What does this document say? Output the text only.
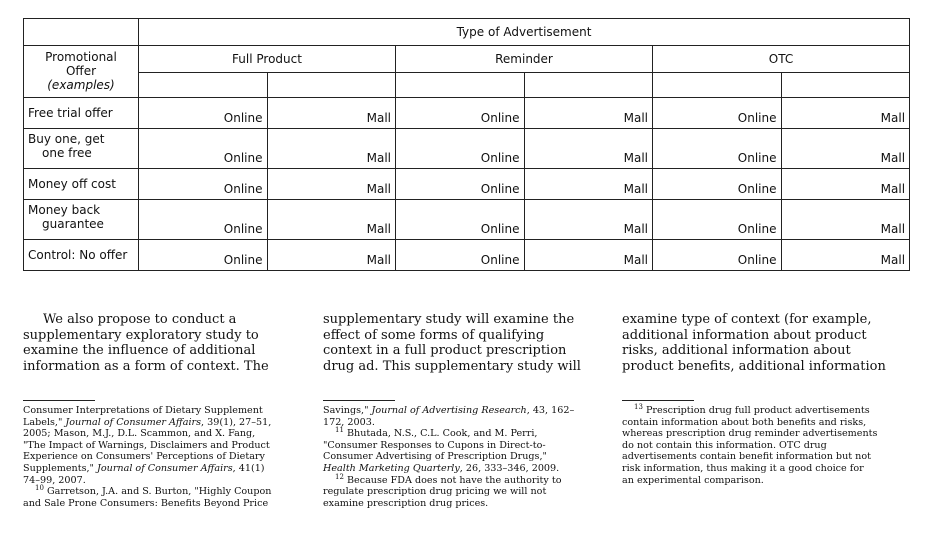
	Type of Advertisement					
Promotional
Offer
(examples)	Full Product		Reminder		OTC	

Free trial offer	Online	Mall	Online	Mall	Online	Mall
Buy one, get
one free	Online	Mall	Online	Mall	Online	Mall
Money off cost	Online	Mall	Online	Mall	Online	Mall
Money back
guarantee	Online	Mall	Online	Mall	Online	Mall
Control: No offer	Online	Mall	Online	Mall	Online	Mall

We also propose to conduct a

supplementary exploratory study to

examine the influence of additional

information as a form of context. The

supplementary study will examine the

effect of some forms of qualifying

context in a full product prescription

drug ad. This supplementary study will

examine type of context (for example,

additional information about product

risks, additional information about

product benefits, additional information

Consumer Interpretations of Dietary Supplement

Labels," Journal of Consumer Affairs, 39(1), 27–51,

2005; Mason, M.J., D.L. Scammon, and X. Fang,

"The Impact of Warnings, Disclaimers and Product

Experience on Consumers' Perceptions of Dietary

Supplements," Journal of Consumer Affairs, 41(1)

74–99, 2007.

$^{10}$ Garretson, J.A. and S. Burton, "Highly Coupon

and Sale Prone Consumers: Benefits Beyond Price

Savings," Journal of Advertising Research, 43, 162–

172, 2003.

$^{11}$ Bhutada, N.S., C.L. Cook, and M. Perri,

"Consumer Responses to Cupons in Direct-to-

Consumer Advertising of Prescription Drugs,"

Health Marketing Quarterly, 26, 333–346, 2009.

$^{12}$ Because FDA does not have the authority to

regulate prescription drug pricing we will not

examine prescription drug prices.

$^{13}$ Prescription drug full product advertisements

contain information about both benefits and risks,

whereas prescription drug reminder advertisements

do not contain this information. OTC drug

advertisements contain benefit information but not

risk information, thus making it a good choice for

an experimental comparison.
